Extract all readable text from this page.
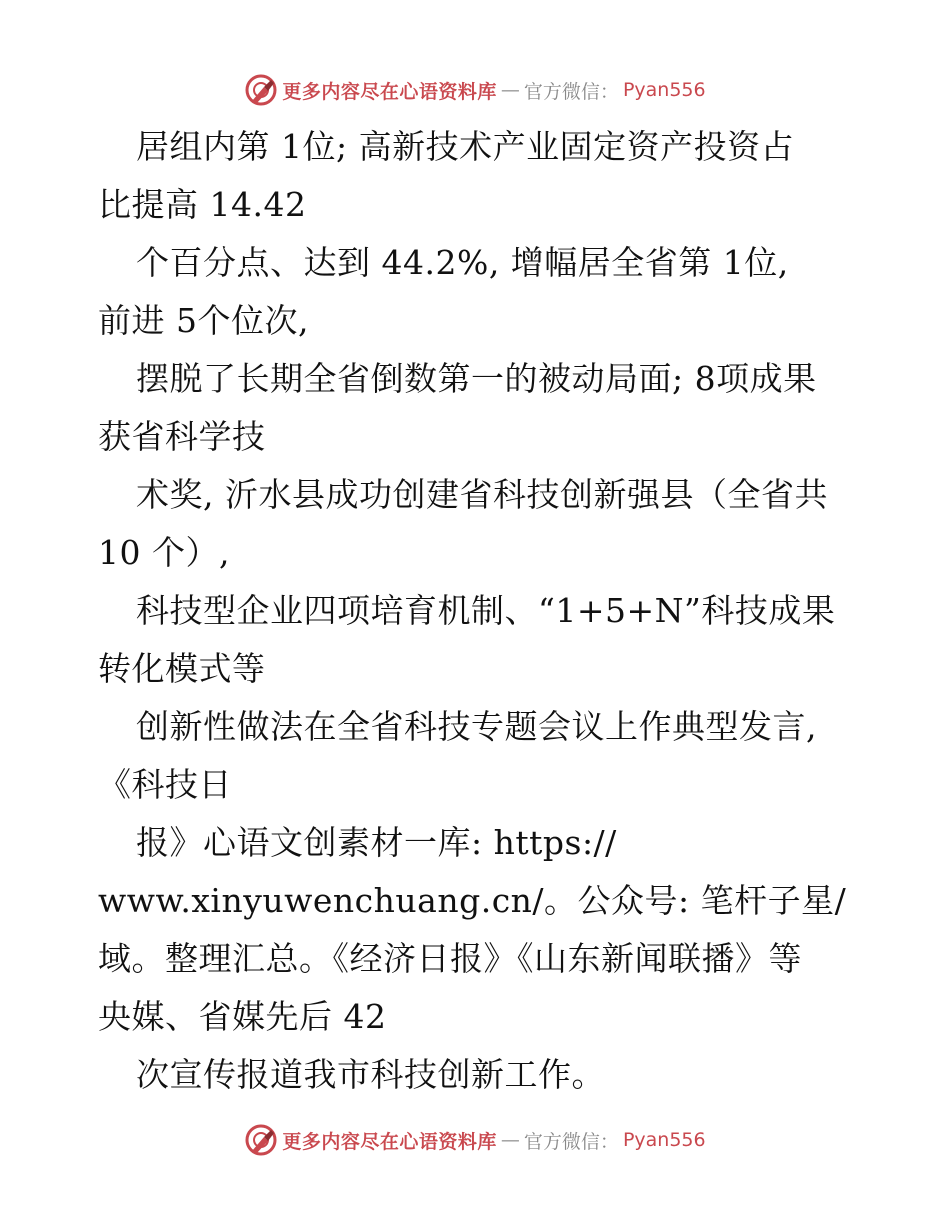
更多内容尽在心语资料库 — 官方微信： Pyan556
居组内第 1位; 高新技术产业固定资产投资占
比提高 14.42
个百分点、达到 44.2%, 增幅居全省第 1位,
前进 5个位次,
摆脱了长期全省倒数第一的被动局面; 8项成果
获省科学技
术奖, 沂水县成功创建省科技创新强县（全省共
10 个）,
科技型企业四项培育机制、“1+5+N”科技成果
转化模式等
创新性做法在全省科技专题会议上作典型发言,
《科技日
报》心语文创素材一库: https://
www.xinyuwenchuang.cn/。公众号: 笔杆子星/
域。整理汇总。《经济日报》《山东新闻联播》等
央媒、省媒先后 42
次宣传报道我市科技创新工作。
更多内容尽在心语资料库 — 官方微信： Pyan556
